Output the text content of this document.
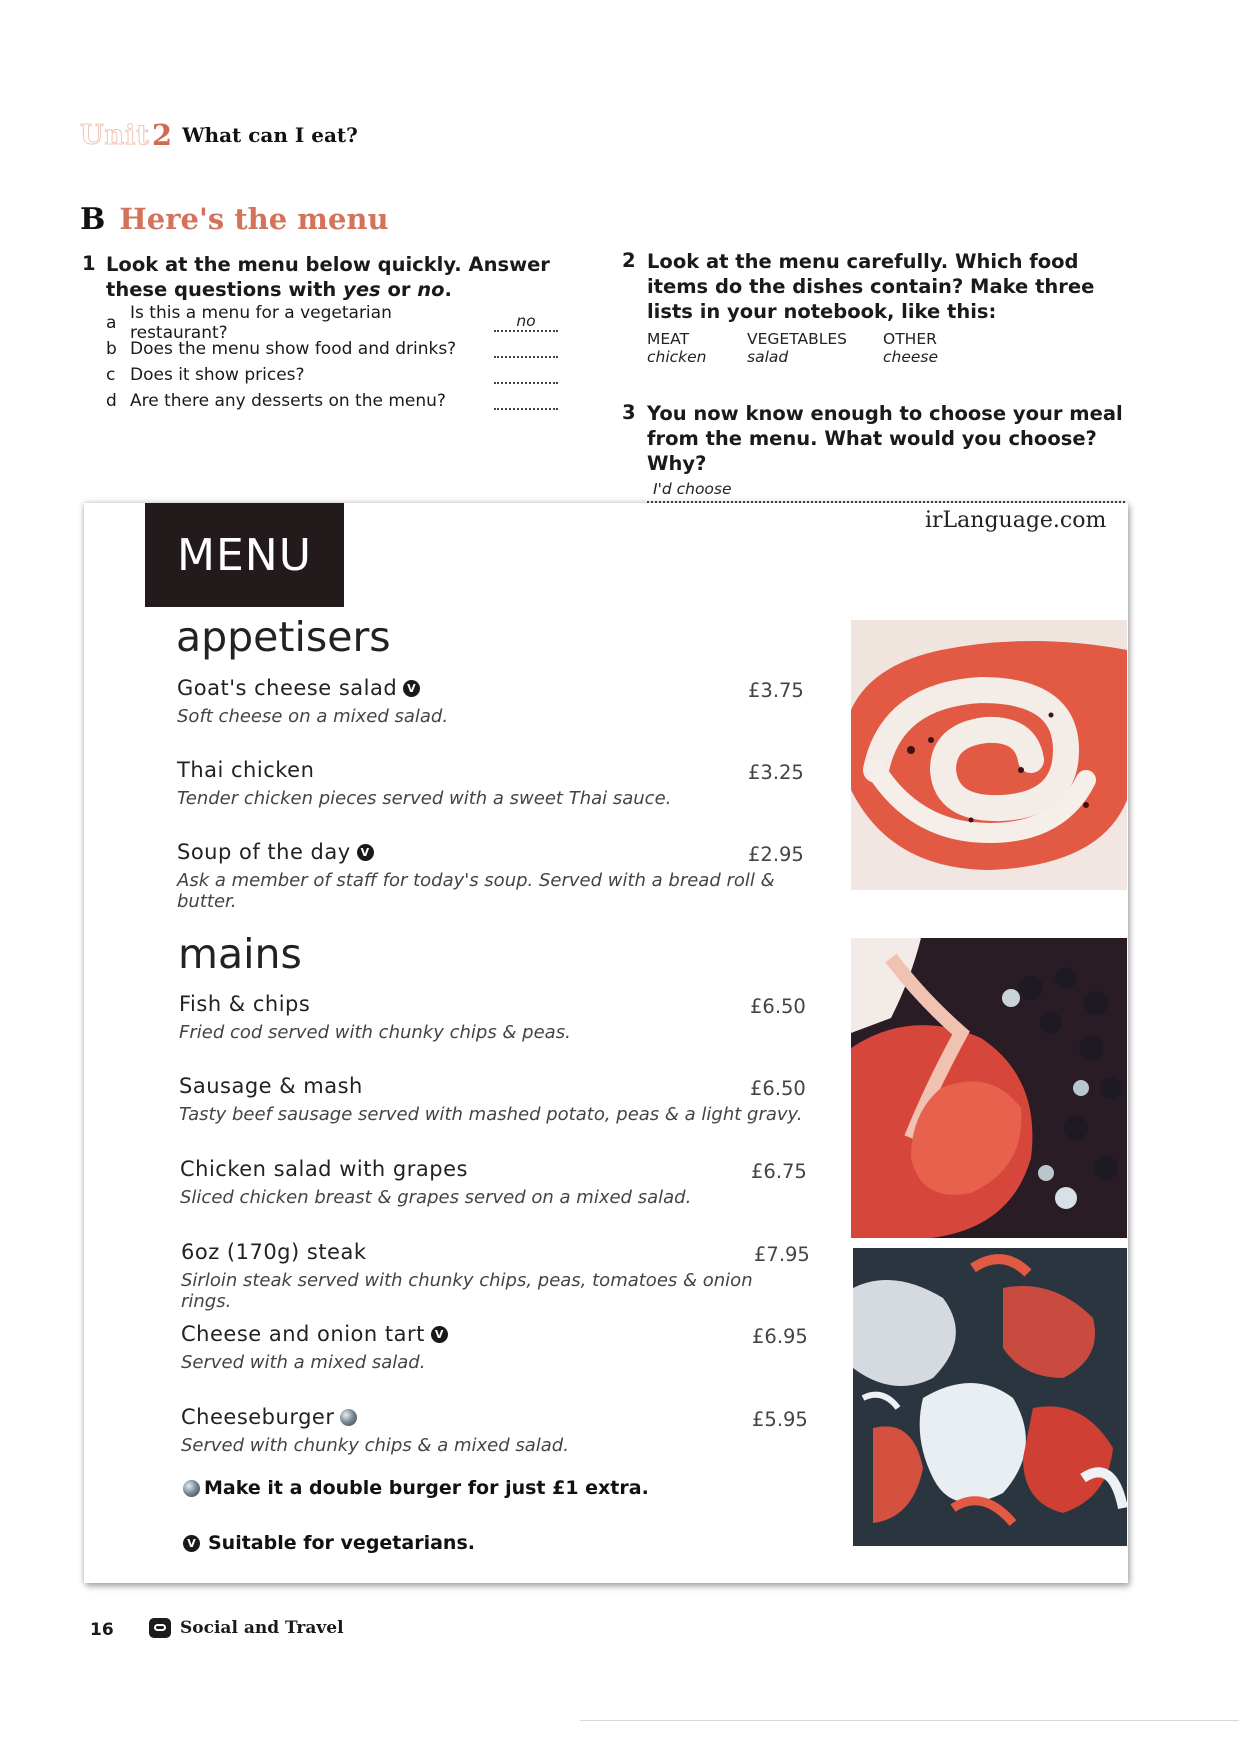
Unit 2 What can I eat?
B Here's the menu
1 Look at the menu below quickly. Answer these questions with yes or no.
a Is this a menu for a vegetarian restaurant?
no
b Does the menu show food and drinks?
c Does it show prices?
d Are there any desserts on the menu?
2 Look at the menu carefully. Which food items do the dishes contain? Make three lists in your notebook, like this:
MEAT
chicken
VEGETABLES
salad
OTHER
cheese
3 You now know enough to choose your meal from the menu. What would you choose? Why?
I'd choose
MENU
irLanguage.com
appetisers
Goat's cheese salad V
Soft cheese on a mixed salad.
£3.75
Thai chicken
Tender chicken pieces served with a sweet Thai sauce.
£3.25
Soup of the day V
Ask a member of staff for today's soup. Served with a bread roll & butter.
£2.95
mains
Fish & chips
Fried cod served with chunky chips & peas.
£6.50
Sausage & mash
Tasty beef sausage served with mashed potato, peas & a light gravy.
£6.50
Chicken salad with grapes
Sliced chicken breast & grapes served on a mixed salad.
£6.75
6oz (170g) steak
Sirloin steak served with chunky chips, peas, tomatoes & onion rings.
£7.95
Cheese and onion tart V
Served with a mixed salad.
£6.95
Cheeseburger
Served with chunky chips & a mixed salad.
£5.95
Make it a double burger for just £1 extra.
V Suitable for vegetarians.
16	Social and Travel
